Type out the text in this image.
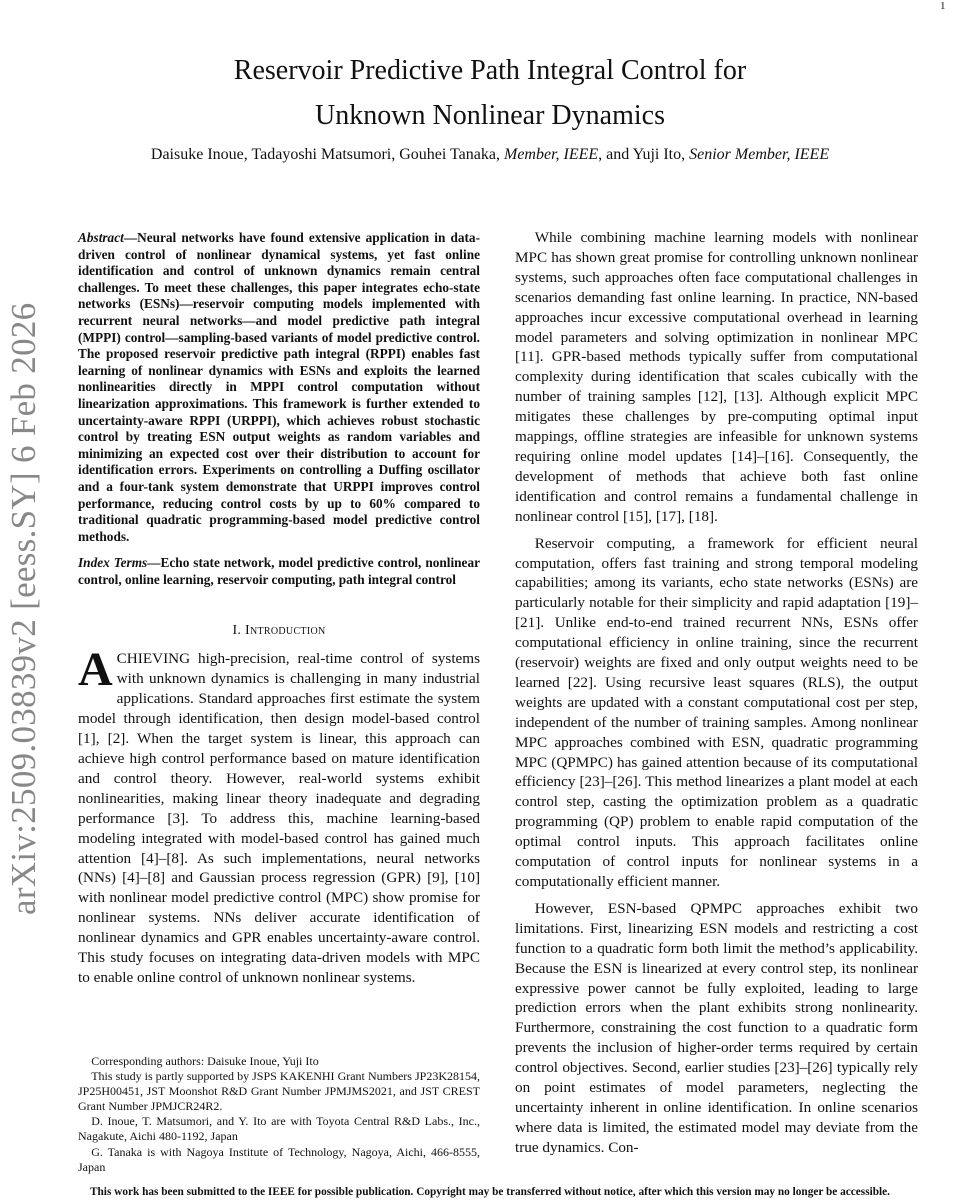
1
Reservoir Predictive Path Integral Control for
Unknown Nonlinear Dynamics
Daisuke Inoue, Tadayoshi Matsumori, Gouhei Tanaka, Member, IEEE, and Yuji Ito, Senior Member, IEEE
arXiv:2509.03839v2 [eess.SY] 6 Feb 2026

Abstract—Neural networks have found extensive application in data-driven control of nonlinear dynamical systems, yet fast online identification and control of unknown dynamics remain central challenges. To meet these challenges, this paper integrates echo-state networks (ESNs)—reservoir computing models implemented with recurrent neural networks—and model predictive path integral (MPPI) control—sampling-based variants of model predictive control. The proposed reservoir predictive path integral (RPPI) enables fast learning of nonlinear dynamics with ESNs and exploits the learned nonlinearities directly in MPPI control computation without linearization approximations. This framework is further extended to uncertainty-aware RPPI (URPPI), which achieves robust stochastic control by treating ESN output weights as random variables and minimizing an expected cost over their distribution to account for identification errors. Experiments on controlling a Duffing oscillator and a four-tank system demonstrate that URPPI improves control performance, reducing control costs by up to 60% compared to traditional quadratic programming-based model predictive control methods.

Index Terms—Echo state network, model predictive control, nonlinear control, online learning, reservoir computing, path integral control

I. Introduction

ACHIEVING high-precision, real-time control of systems with unknown dynamics is challenging in many industrial applications. Standard approaches first estimate the system model through identification, then design model-based control [1], [2]. When the target system is linear, this approach can achieve high control performance based on mature identification and control theory. However, real-world systems exhibit nonlinearities, making linear theory inadequate and degrading performance [3]. To address this, machine learning-based modeling integrated with model-based control has gained much attention [4]–[8]. As such implementations, neural networks (NNs) [4]–[8] and Gaussian process regression (GPR) [9], [10] with nonlinear model predictive control (MPC) show promise for nonlinear systems. NNs deliver accurate identification of nonlinear dynamics and GPR enables uncertainty-aware control. This study focuses on integrating data-driven models with MPC to enable online control of unknown nonlinear systems.

While combining machine learning models with nonlinear MPC has shown great promise for controlling unknown nonlinear systems, such approaches often face computational challenges in scenarios demanding fast online learning. In practice, NN-based approaches incur excessive computational overhead in learning model parameters and solving optimization in nonlinear MPC [11]. GPR-based methods typically suffer from computational complexity during identification that scales cubically with the number of training samples [12], [13]. Although explicit MPC mitigates these challenges by pre-computing optimal input mappings, offline strategies are infeasible for unknown systems requiring online model updates [14]–[16]. Consequently, the development of methods that achieve both fast online identification and control remains a fundamental challenge in nonlinear control [15], [17], [18].

Reservoir computing, a framework for efficient neural computation, offers fast training and strong temporal modeling capabilities; among its variants, echo state networks (ESNs) are particularly notable for their simplicity and rapid adaptation [19]–[21]. Unlike end-to-end trained recurrent NNs, ESNs offer computational efficiency in online training, since the recurrent (reservoir) weights are fixed and only output weights need to be learned [22]. Using recursive least squares (RLS), the output weights are updated with a constant computational cost per step, independent of the number of training samples. Among nonlinear MPC approaches combined with ESN, quadratic programming MPC (QPMPC) has gained attention because of its computational efficiency [23]–[26]. This method linearizes a plant model at each control step, casting the optimization problem as a quadratic programming (QP) problem to enable rapid computation of the optimal control inputs. This approach facilitates online computation of control inputs for nonlinear systems in a computationally efficient manner.

However, ESN-based QPMPC approaches exhibit two limitations. First, linearizing ESN models and restricting a cost function to a quadratic form both limit the method’s applicability. Because the ESN is linearized at every control step, its nonlinear expressive power cannot be fully exploited, leading to large prediction errors when the plant exhibits strong nonlinearity. Furthermore, constraining the cost function to a quadratic form prevents the inclusion of higher-order terms required by certain control objectives. Second, earlier studies [23]–[26] typically rely on point estimates of model parameters, neglecting the uncertainty inherent in online identification. In online scenarios where data is limited, the estimated model may deviate from the true dynamics. Con-

Corresponding authors: Daisuke Inoue, Yuji Ito

This study is partly supported by JSPS KAKENHI Grant Numbers JP23K28154, JP25H00451, JST Moonshot R&D Grant Number JPMJMS2021, and JST CREST Grant Number JPMJCR24R2.

D. Inoue, T. Matsumori, and Y. Ito are with Toyota Central R&D Labs., Inc., Nagakute, Aichi 480-1192, Japan

G. Tanaka is with Nagoya Institute of Technology, Nagoya, Aichi, 466-8555, Japan

This work has been submitted to the IEEE for possible publication. Copyright may be transferred without notice, after which this version may no longer be accessible.
